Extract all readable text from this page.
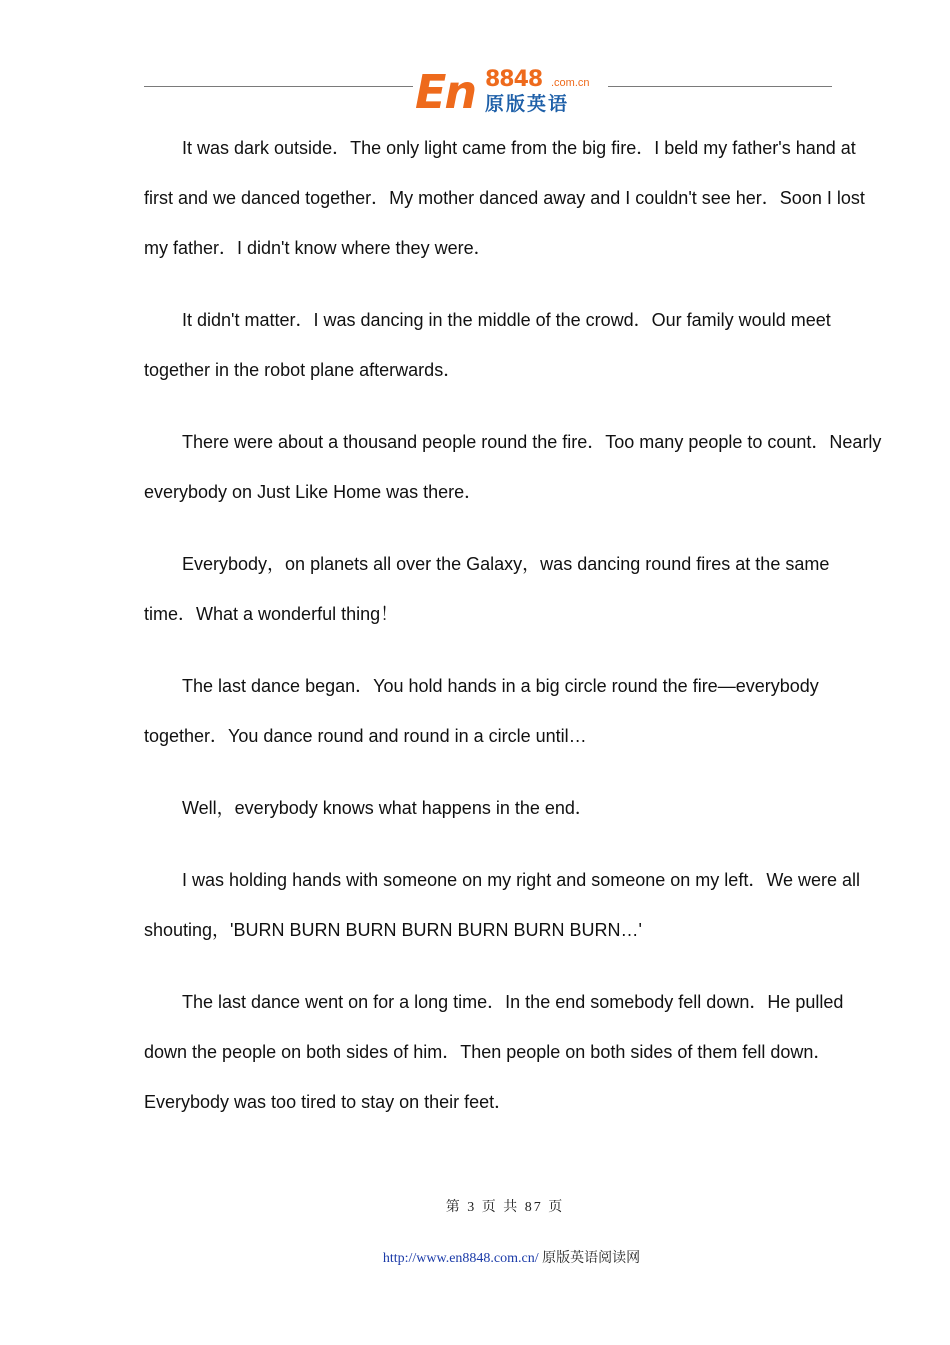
En 8848 .com.cn
原版英语

It was dark outside．The only light came from the big fire．I beld my father's hand at first and we danced together．My mother danced away and I couldn't see her．Soon I lost my father．I didn't know where they were．

It didn't matter．I was dancing in the middle of the crowd．Our family would meet together in the robot plane afterwards．

There were about a thousand people round the fire．Too many people to count．Nearly everybody on Just Like Home was there．

Everybody，on planets all over the Galaxy，was dancing round fires at the same time．What a wonderful thing！

The last dance began．You hold hands in a big circle round the fire—everybody together．You dance round and round in a circle until…

Well，everybody knows what happens in the end．

I was holding hands with someone on my right and someone on my left．We were all shouting，'BURN BURN BURN BURN BURN BURN BURN…'

The last dance went on for a long time．In the end somebody fell down．He pulled down the people on both sides of him．Then people on both sides of them fell down．Everybody was too tired to stay on their feet．

第 3 页 共 87 页
http://www.en8848.com.cn/ 原版英语阅读网
